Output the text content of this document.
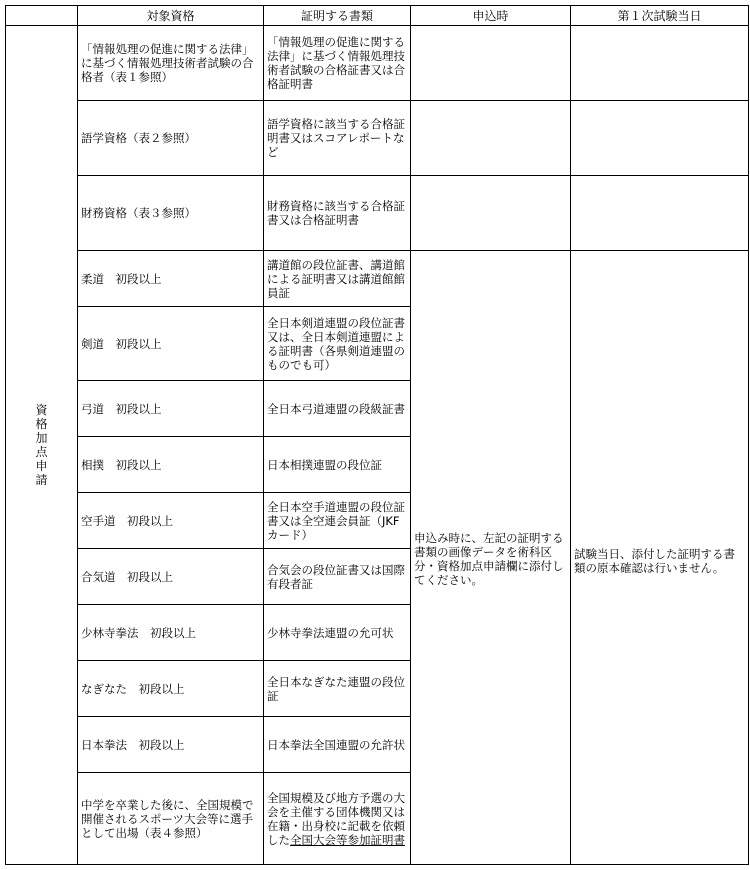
	対象資格	証明する書類	申込時	第１次試験当日
資格加点申請	「情報処理の促進に関する法律」に基づく情報処理技術者試験の合格者（表１参照）	「情報処理の促進に関する法律」に基づく情報処理技術者試験の合格証書又は合格証明書		
	語学資格（表２参照）	語学資格に該当する合格証明書又はスコアレポートなど		
	財務資格（表３参照）	財務資格に該当する合格証書又は合格証明書		
	柔道　初段以上	講道館の段位証書、講道館による証明書又は講道館館員証	申込み時に、左記の証明する書類の画像データを術科区分・資格加点申請欄に添付してください。	試験当日、添付した証明する書類の原本確認は行いません。
	剣道　初段以上	全日本剣道連盟の段位証書又は、全日本剣道連盟による証明書（各県剣道連盟のものでも可）		
	弓道　初段以上	全日本弓道連盟の段級証書		
	相撲　初段以上	日本相撲連盟の段位証		
	空手道　初段以上	全日本空手道連盟の段位証書又は全空連会員証（JKFカード）		
	合気道　初段以上	合気会の段位証書又は国際有段者証		
	少林寺拳法　初段以上	少林寺拳法連盟の允可状		
	なぎなた　初段以上	全日本なぎなた連盟の段位証		
	日本拳法　初段以上	日本拳法全国連盟の允許状		
	中学を卒業した後に、全国規模で開催されるスポーツ大会等に選手として出場（表４参照）	全国規模及び地方予選の大会を主催する団体機関又は在籍・出身校に記載を依頼した全国大会等参加証明書		
